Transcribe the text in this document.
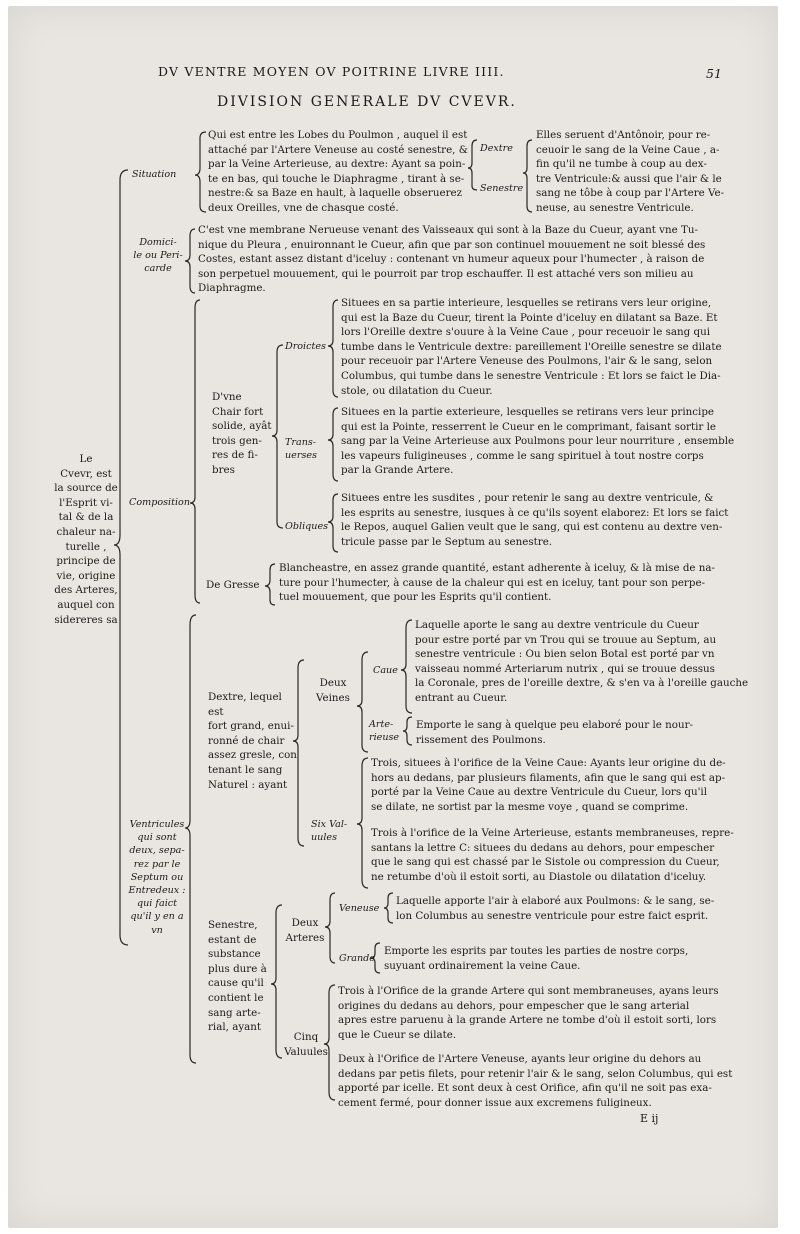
DV VENTRE MOYEN OV POITRINE LIVRE IIII.	51

DIVISION GENERALE DV CVEVR.

Le
Cvevr, est
la source de
l'Esprit vi-
tal & de la
chaleur na-
turelle ,
principe de
vie, origine
des Arteres,
auquel con
sidereres sa

Situation

Qui est entre les Lobes du Poulmon , auquel il est
attaché par l'Artere Veneuse au costé senestre, &
par la Veine Arterieuse, au dextre: Ayant sa poin-
te en bas, qui touche le Diaphragme , tirant à se-
nestre:& sa Baze en hault, à laquelle obseruerez
deux Oreilles, vne de chasque costé.

Dextre

Senestre

Elles seruent d'Antônoir, pour re-
ceuoir le sang de la Veine Caue , a-
fin qu'il ne tumbe à coup au dex-
tre Ventricule:& aussi que l'air & le
sang ne tôbe à coup par l'Artere Ve-
neuse, au senestre Ventricule.

Domici-
le ou Peri-
carde

C'est vne membrane Nerueuse venant des Vaisseaux qui sont à la Baze du Cueur, ayant vne Tu-
nique du Pleura , enuironnant le Cueur, afin que par son continuel mouuement ne soit blessé des
Costes, estant assez distant d'iceluy : contenant vn humeur aqueux pour l'humecter , à raison de
son perpetuel mouuement, qui le pourroit par trop eschauffer. Il est attaché vers son milieu au
Diaphragme.

Composition

D'vne
Chair fort
solide, ayât
trois gen-
res de fi-
bres

Droictes

Situees en sa partie interieure, lesquelles se retirans vers leur origine,
qui est la Baze du Cueur, tirent la Pointe d'iceluy en dilatant sa Baze. Et
lors l'Oreille dextre s'ouure à la Veine Caue , pour receuoir le sang qui
tumbe dans le Ventricule dextre: pareillement l'Oreille senestre se dilate
pour receuoir par l'Artere Veneuse des Poulmons, l'air & le sang, selon
Columbus, qui tumbe dans le senestre Ventricule : Et lors se faict le Dia-
stole, ou dilatation du Cueur.

Trans-
uerses

Situees en la partie exterieure, lesquelles se retirans vers leur principe
qui est la Pointe, resserrent le Cueur en le comprimant, faisant sortir le
sang par la Veine Arterieuse aux Poulmons pour leur nourriture , ensemble
les vapeurs fuligineuses , comme le sang spirituel à tout nostre corps
par la Grande Artere.

Obliques

Situees entre les susdites , pour retenir le sang au dextre ventricule, &
les esprits au senestre, iusques à ce qu'ils soyent elaborez: Et lors se faict
le Repos, auquel Galien veult que le sang, qui est contenu au dextre ven-
tricule passe par le Septum au senestre.

De Gresse

Blancheastre, en assez grande quantité, estant adherente à iceluy, & là mise de na-
ture pour l'humecter, à cause de la chaleur qui est en iceluy, tant pour son perpe-
tuel mouuement, que pour les Esprits qu'il contient.

Ventricules
qui sont
deux, sepa-
rez par le
Septum ou
Entredeux :
qui faict
qu'il y en a
vn

Dextre, lequel est
fort grand, enui-
ronné de chair
assez gresle, con
tenant le sang
Naturel : ayant

Deux
Veines

Caue

Laquelle aporte le sang au dextre ventricule du Cueur
pour estre porté par vn Trou qui se trouue au Septum, au
senestre ventricule : Ou bien selon Botal est porté par vn
vaisseau nommé Arteriarum nutrix , qui se trouue dessus
la Coronale, pres de l'oreille dextre, & s'en va à l'oreille gauche
entrant au Cueur.

Arte-
rieuse

Emporte le sang à quelque peu elaboré pour le nour-
rissement des Poulmons.

Six Val-
uules

Trois, situees à l'orifice de la Veine Caue: Ayants leur origine du de-
hors au dedans, par plusieurs filaments, afin que le sang qui est ap-
porté par la Veine Caue au dextre Ventricule du Cueur, lors qu'il
se dilate, ne sortist par la mesme voye , quand se comprime.

Trois à l'orifice de la Veine Arterieuse, estants membraneuses, repre-
santans la lettre C: situees du dedans au dehors, pour empescher
que le sang qui est chassé par le Sistole ou compression du Cueur,
ne retumbe d'où il estoit sorti, au Diastole ou dilatation d'iceluy.

Senestre,
estant de
substance
plus dure à
cause qu'il
contient le
sang arte-
rial, ayant

Deux
Arteres

Veneuse

Laquelle apporte l'air à elaboré aux Poulmons: & le sang, se-
lon Columbus au senestre ventricule pour estre faict esprit.

Grande

Emporte les esprits par toutes les parties de nostre corps,
suyuant ordinairement la veine Caue.

Cinq
Valuules

Trois à l'Orifice de la grande Artere qui sont membraneuses, ayans leurs
origines du dedans au dehors, pour empescher que le sang arterial
apres estre paruenu à la grande Artere ne tombe d'où il estoit sorti, lors
que le Cueur se dilate.

Deux à l'Orifice de l'Artere Veneuse, ayants leur origine du dehors au
dedans par petis filets, pour retenir l'air & le sang, selon Columbus, qui est
apporté par icelle. Et sont deux à cest Orifice, afin qu'il ne soit pas exa-
cement fermé, pour donner issue aux excremens fuligineux.

E ij
